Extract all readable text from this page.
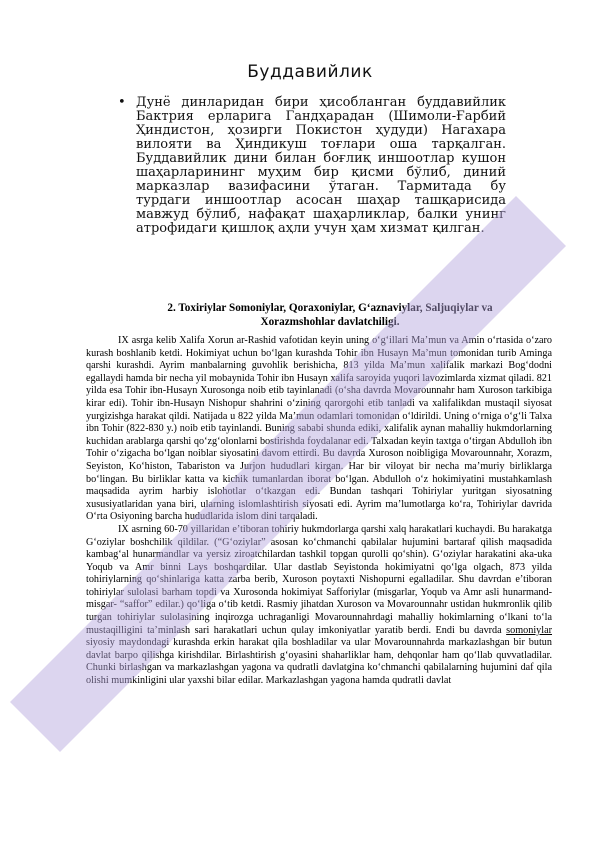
Буддавийлик
• Дунё динларидан бири ҳисобланган буддавийлик Бактрия ерларига Гандҳарадан (Шимоли-Ғарбий Ҳиндистон, ҳозирги Покистон ҳудуди) Нагахара вилояти ва Ҳиндикуш тоғлари оша тарқалган. Буддавийлик дини билан боғлиқ иншоотлар кушон шаҳарларининг муҳим бир қисми бўлиб, диний марказлар вазифасини ўтаган. Тармитада бу турдаги иншоотлар асосан шаҳар ташқарисида мавжуд бўлиб, нафақат шаҳарликлар, балки унинг атрофидаги қишлоқ аҳли учун ҳам хизмат қилган.
2. Toxiriylar Somoniylar, Qoraxoniylar, G‘aznaviylar, Saljuqiylar va
Xorazmshohlar davlatchiligi.

IX asrga kelib Xalifa Xorun ar-Rashid vafotidan keyin uning o‘g‘illari Ma’mun va Amin o‘rtasida o‘zaro kurash boshlanib ketdi. Hokimiyat uchun bo‘lgan kurashda Tohir ibn Husayn Ma’mun tomonidan turib Aminga qarshi kurashdi. Ayrim manbalarning guvohlik berishicha, 813 yilda Ma’mun xalifalik markazi Bog‘dodni egallaydi hamda bir necha yil mobaynida Tohir ibn Husayn xalifa saroyida yuqori lavozimlarda xizmat qiladi. 821 yilda esa Tohir ibn-Husayn Xurosonga noib etib tayinlanadi (o‘sha davrda Movarounnahr ham Xuroson tarkibiga kirar edi). Tohir ibn-Husayn Nishopur shahrini o‘zining qarorgohi etib tanladi va xalifalikdan mustaqil siyosat yurgizishga harakat qildi. Natijada u 822 yilda Ma’mun odamlari tomonidan o‘ldirildi. Uning o‘rniga o‘g‘li Talxa ibn Tohir (822-830 y.) noib etib tayinlandi. Buning sababi shunda ediki, xalifalik aynan mahalliy hukmdorlarning kuchidan arablarga qarshi qo‘zg‘olonlarni bostirishda foydalanar edi. Talxadan keyin taxtga o‘tirgan Abdulloh ibn Tohir o‘zigacha bo‘lgan noiblar siyosatini davom ettirdi. Bu davrda Xuroson noibligiga Movarounnahr, Xorazm, Seyiston, Ko‘histon, Tabariston va Jurjon hududlari kirgan. Har bir viloyat bir necha ma’muriy birliklarga bo‘lingan. Bu birliklar katta va kichik tumanlardan iborat bo‘lgan. Abdulloh o‘z hokimiyatini mustahkamlash maqsadida ayrim harbiy islohotlar o‘tkazgan edi. Bundan tashqari Tohiriylar yuritgan siyosatning xususiyatlaridan yana biri, ularning islomlashtirish siyosati edi. Ayrim ma’lumotlarga ko‘ra, Tohiriylar davrida O‘rta Osiyoning barcha hududlarida islom dini tarqaladi.

IX asrning 60-70 yillaridan e’tiboran tohiriy hukmdorlarga qarshi xalq harakatlari kuchaydi. Bu harakatga G‘oziylar boshchilik qildilar. (“G‘oziylar” asosan ko‘chmanchi qabilalar hujumini bartaraf qilish maqsadida kambag‘al hunarmandlar va yersiz ziroatchilardan tashkil topgan qurolli qo‘shin). G‘oziylar harakatini aka-uka Yoqub va Amr binni Lays boshqardilar. Ular dastlab Seyistonda hokimiyatni qo‘lga olgach, 873 yilda tohiriylarning qo‘shinlariga katta zarba berib, Xuroson poytaxti Nishopurni egalladilar. Shu davrdan e’tiboran tohiriylar sulolasi barham topdi va Xurosonda hokimiyat Safforiylar (misgarlar, Yoqub va Amr asli hunarmand-misgar- “saffor” edilar.) qo‘liga o‘tib ketdi. Rasmiy jihatdan Xuroson va Movarounnahr ustidan hukmronlik qilib turgan tohiriylar sulolasining inqirozga uchraganligi Movarounnahrdagi mahalliy hokimlarning o‘lkani to‘la mustaqilligini ta’minlash sari harakatlari uchun qulay imkoniyatlar yaratib berdi. Endi bu davrda somoniylar siyosiy maydondagi kurashda erkin harakat qila boshladilar va ular Movarounnahrda markazlashgan bir butun davlat barpo qilishga kirishdilar. Birlashtirish g‘oyasini shaharliklar ham, dehqonlar ham qo‘llab quvvatladilar. Chunki birlashgan va markazlashgan yagona va qudratli davlatgina ko‘chmanchi qabilalarning hujumini daf qila olishi mumkinligini ular yaxshi bilar edilar. Markazlashgan yagona hamda qudratli davlat
